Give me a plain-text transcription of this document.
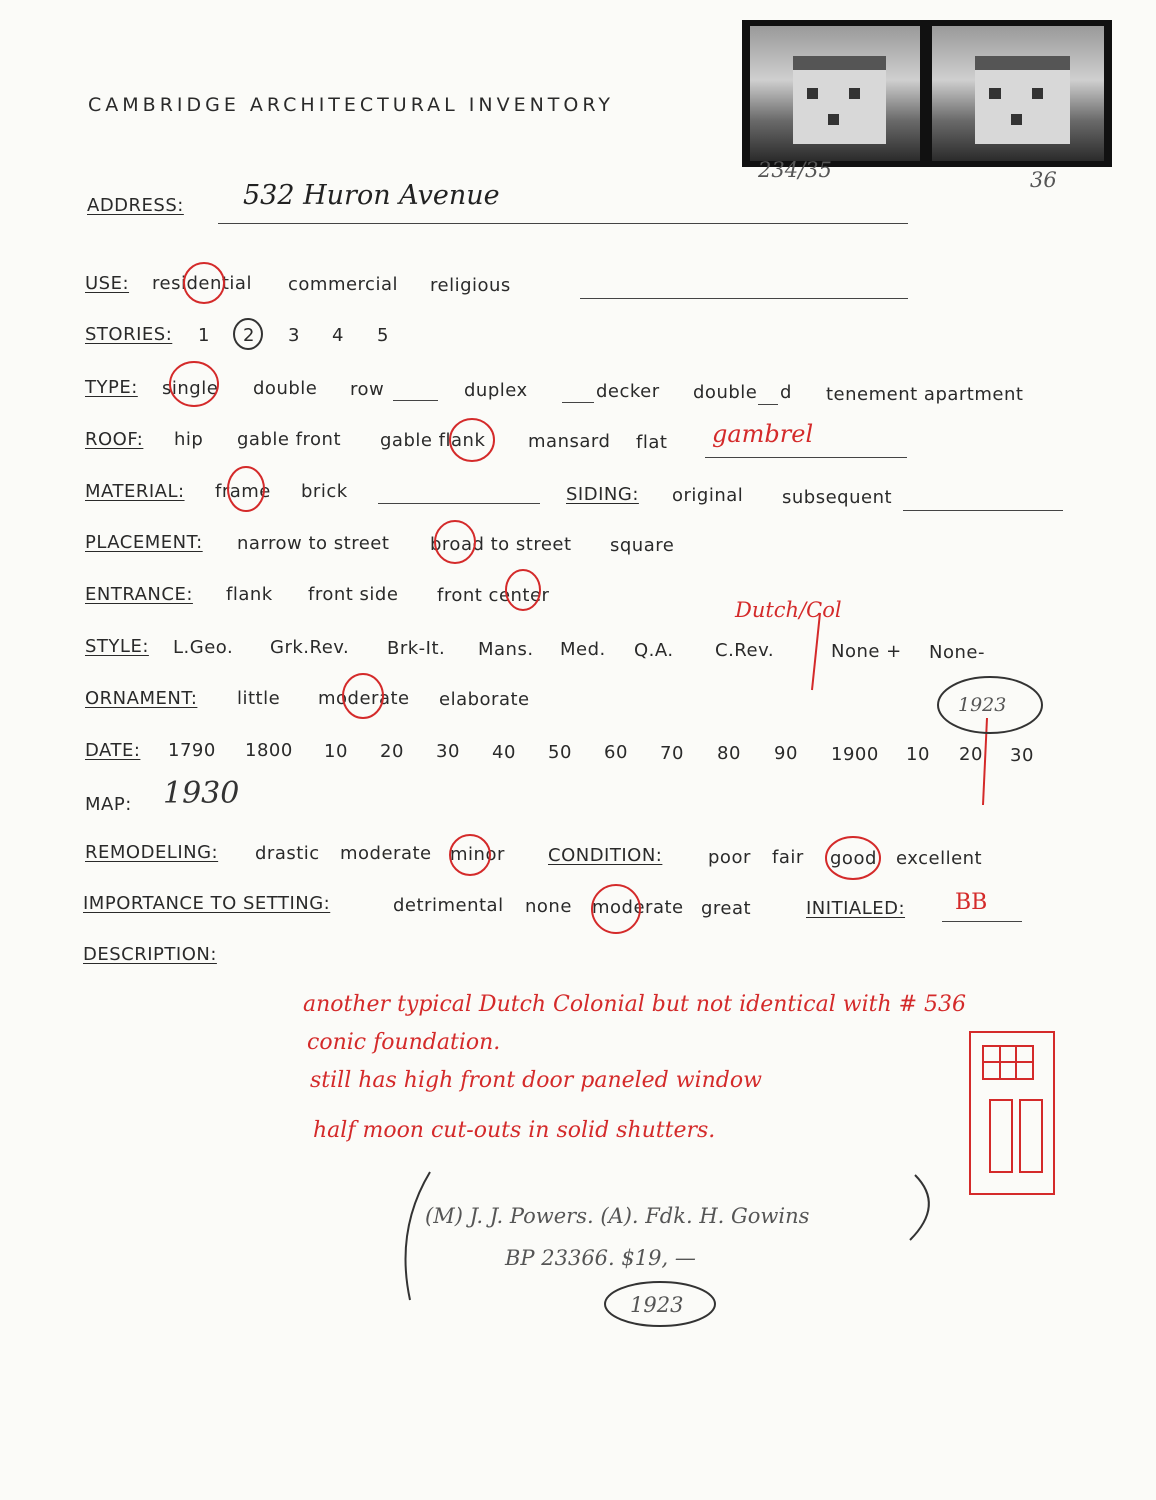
234/35	36
CAMBRIDGE ARCHITECTURAL INVENTORY
ADDRESS: 532 Huron Avenue
USE: residential commercial religious
STORIES: 1 2 3 4 5
TYPE: single double row	duplex	decker double d tenement apartment
ROOF: hip gable front gable flank mansard flat gambrel
MATERIAL: frame brick	SIDING: original subsequent
PLACEMENT: narrow to street broad to street square
ENTRANCE: flank front side front center
STYLE: L.Geo. Grk.Rev. Brk-It. Mans. Med. Q.A. C.Rev.	None + None-
Dutch/Col
ORNAMENT: little moderate elaborate	1923
DATE: 1790 1800 10 20 30 40 50 60 70 80 90 1900 10 20 30
MAP: 1930
REMODELING: drastic moderate minor CONDITION:	poor fair good excellent
IMPORTANCE TO SETTING:	detrimental none moderate great	INITIALED: BB
DESCRIPTION:
another typical Dutch Colonial but not identical with # 536
conic foundation.
still has high front door paneled window
half moon cut-outs in solid shutters.
(M) J. J. Powers. (A). Fdk. H. Gowins
BP 23366. $19, —
1923
